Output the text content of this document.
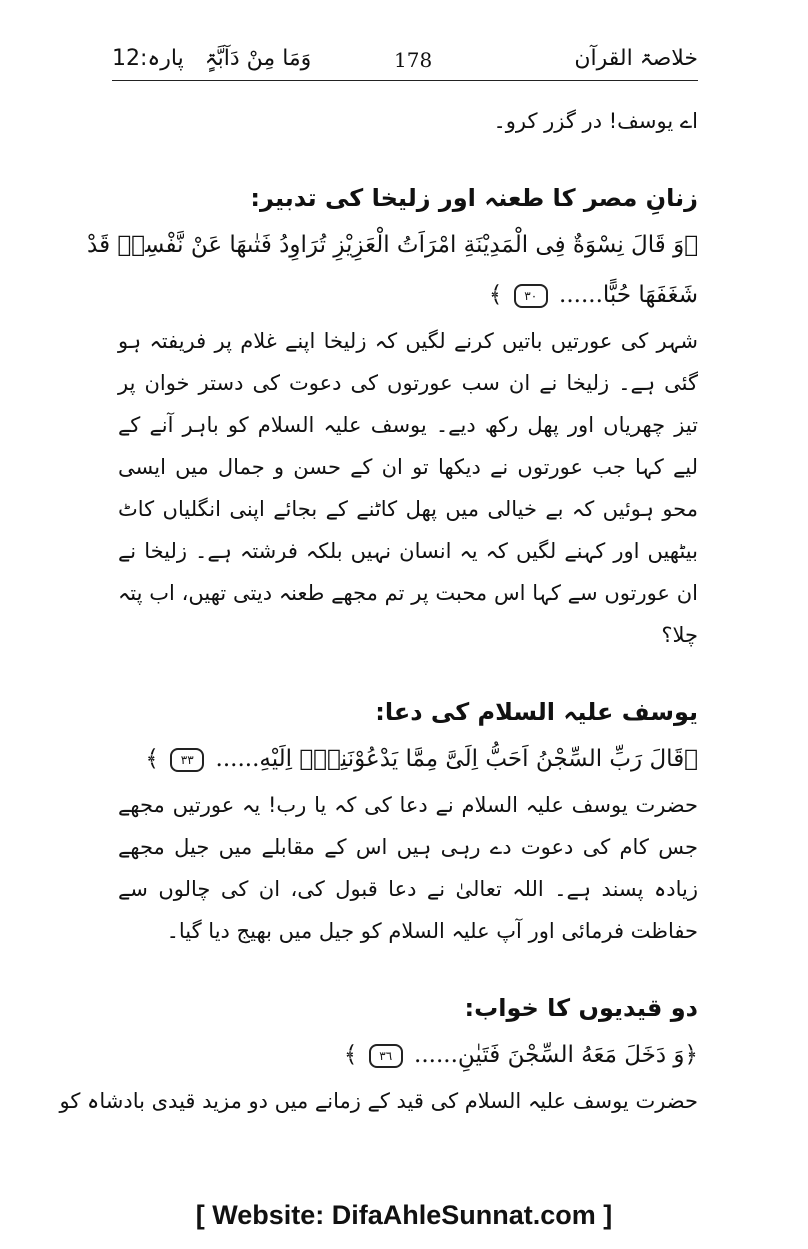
وَمَا مِنْ دَآبَّۃٍ   پارہ:12	178	خلاصۃ القرآن
اے یوسف! در گزر کرو۔
زنانِ مصر کا طعنہ اور زلیخا کی تدبیر:
﴿وَ قَالَ نِسْوَةٌ فِی الْمَدِیْنَةِ امْرَاَتُ الْعَزِیْزِ تُرَاوِدُ فَتٰىهَا عَنْ نَّفْسِهٖ قَدْ
شَغَفَهَا حُبًّا...... ٣٠ ﴾
شہر کی عورتیں باتیں کرنے لگیں کہ زلیخا اپنے غلام پر فریفتہ ہو گئی ہے۔ زلیخا نے ان سب عورتوں کی دعوت کی دستر خوان پر تیز چھریاں اور پھل رکھ دیے۔ یوسف علیہ السلام کو باہر آنے کے لیے کہا جب عورتوں نے دیکھا تو ان کے حسن و جمال میں ایسی محو ہوئیں کہ بے خیالی میں پھل کاٹنے کے بجائے اپنی انگلیاں کاٹ بیٹھیں اور کہنے لگیں کہ یہ انسان نہیں بلکہ فرشتہ ہے۔ زلیخا نے ان عورتوں سے کہا اس محبت پر تم مجھے طعنہ دیتی تھیں، اب پتہ چلا؟
یوسف علیہ السلام کی دعا:
﴿قَالَ رَبِّ السِّجْنُ اَحَبُّ اِلَیَّ مِمَّا یَدْعُوْنَنِیْۤ اِلَیْهِ...... ٣٣ ﴾
حضرت یوسف علیہ السلام نے دعا کی کہ یا رب! یہ عورتیں مجھے جس کام کی دعوت دے رہی ہیں اس کے مقابلے میں جیل مجھے زیادہ پسند ہے۔ اللہ تعالیٰ نے دعا قبول کی، ان کی چالوں سے حفاظت فرمائی اور آپ علیہ السلام کو جیل میں بھیج دیا گیا۔
دو قیدیوں کا خواب:
﴿وَ دَخَلَ مَعَهُ السِّجْنَ فَتَیٰنِ...... ٣٦ ﴾
حضرت یوسف علیہ السلام کی قید کے زمانے میں دو مزید قیدی بادشاہ کو
[ Website: DifaAhleSunnat.com ]
